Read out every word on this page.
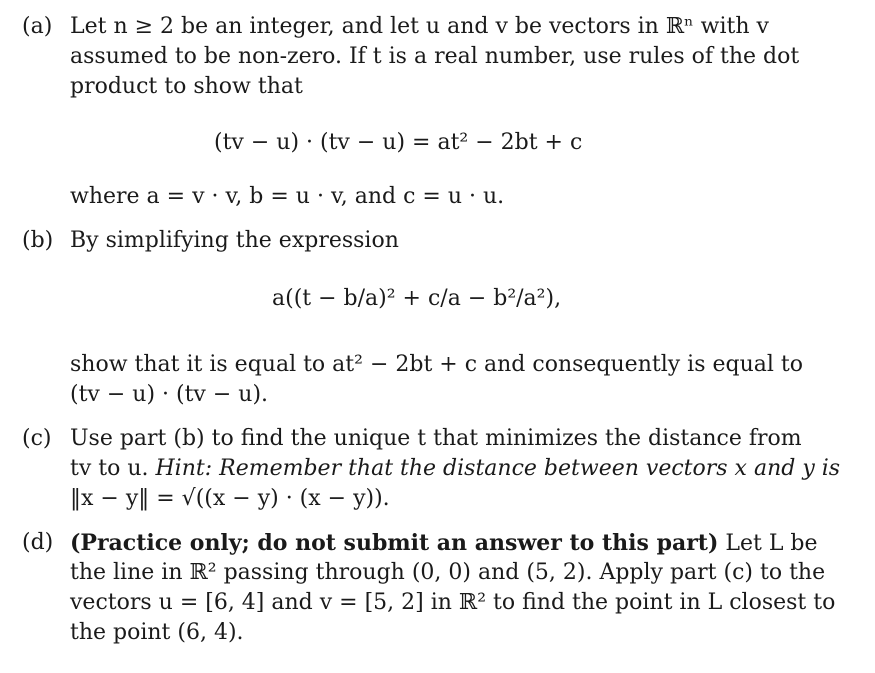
(a) Let n ≥ 2 be an integer, and let u and v be vectors in ℝⁿ with v
assumed to be non-zero. If t is a real number, use rules of the dot
product to show that
(tv − u) · (tv − u) = at² − 2bt + c
where a = v · v, b = u · v, and c = u · u.
(b) By simplifying the expression
a((t − b/a)² + c/a − b²/a²),
show that it is equal to at² − 2bt + c and consequently is equal to
(tv − u) · (tv − u).
(c) Use part (b) to find the unique t that minimizes the distance from
tv to u. Hint: Remember that the distance between vectors x and y is
‖x − y‖ = √((x − y) · (x − y)).
(d) (Practice only; do not submit an answer to this part) Let L be
the line in ℝ² passing through (0, 0) and (5, 2). Apply part (c) to the
vectors u = [6, 4] and v = [5, 2] in ℝ² to find the point in L closest to
the point (6, 4).
